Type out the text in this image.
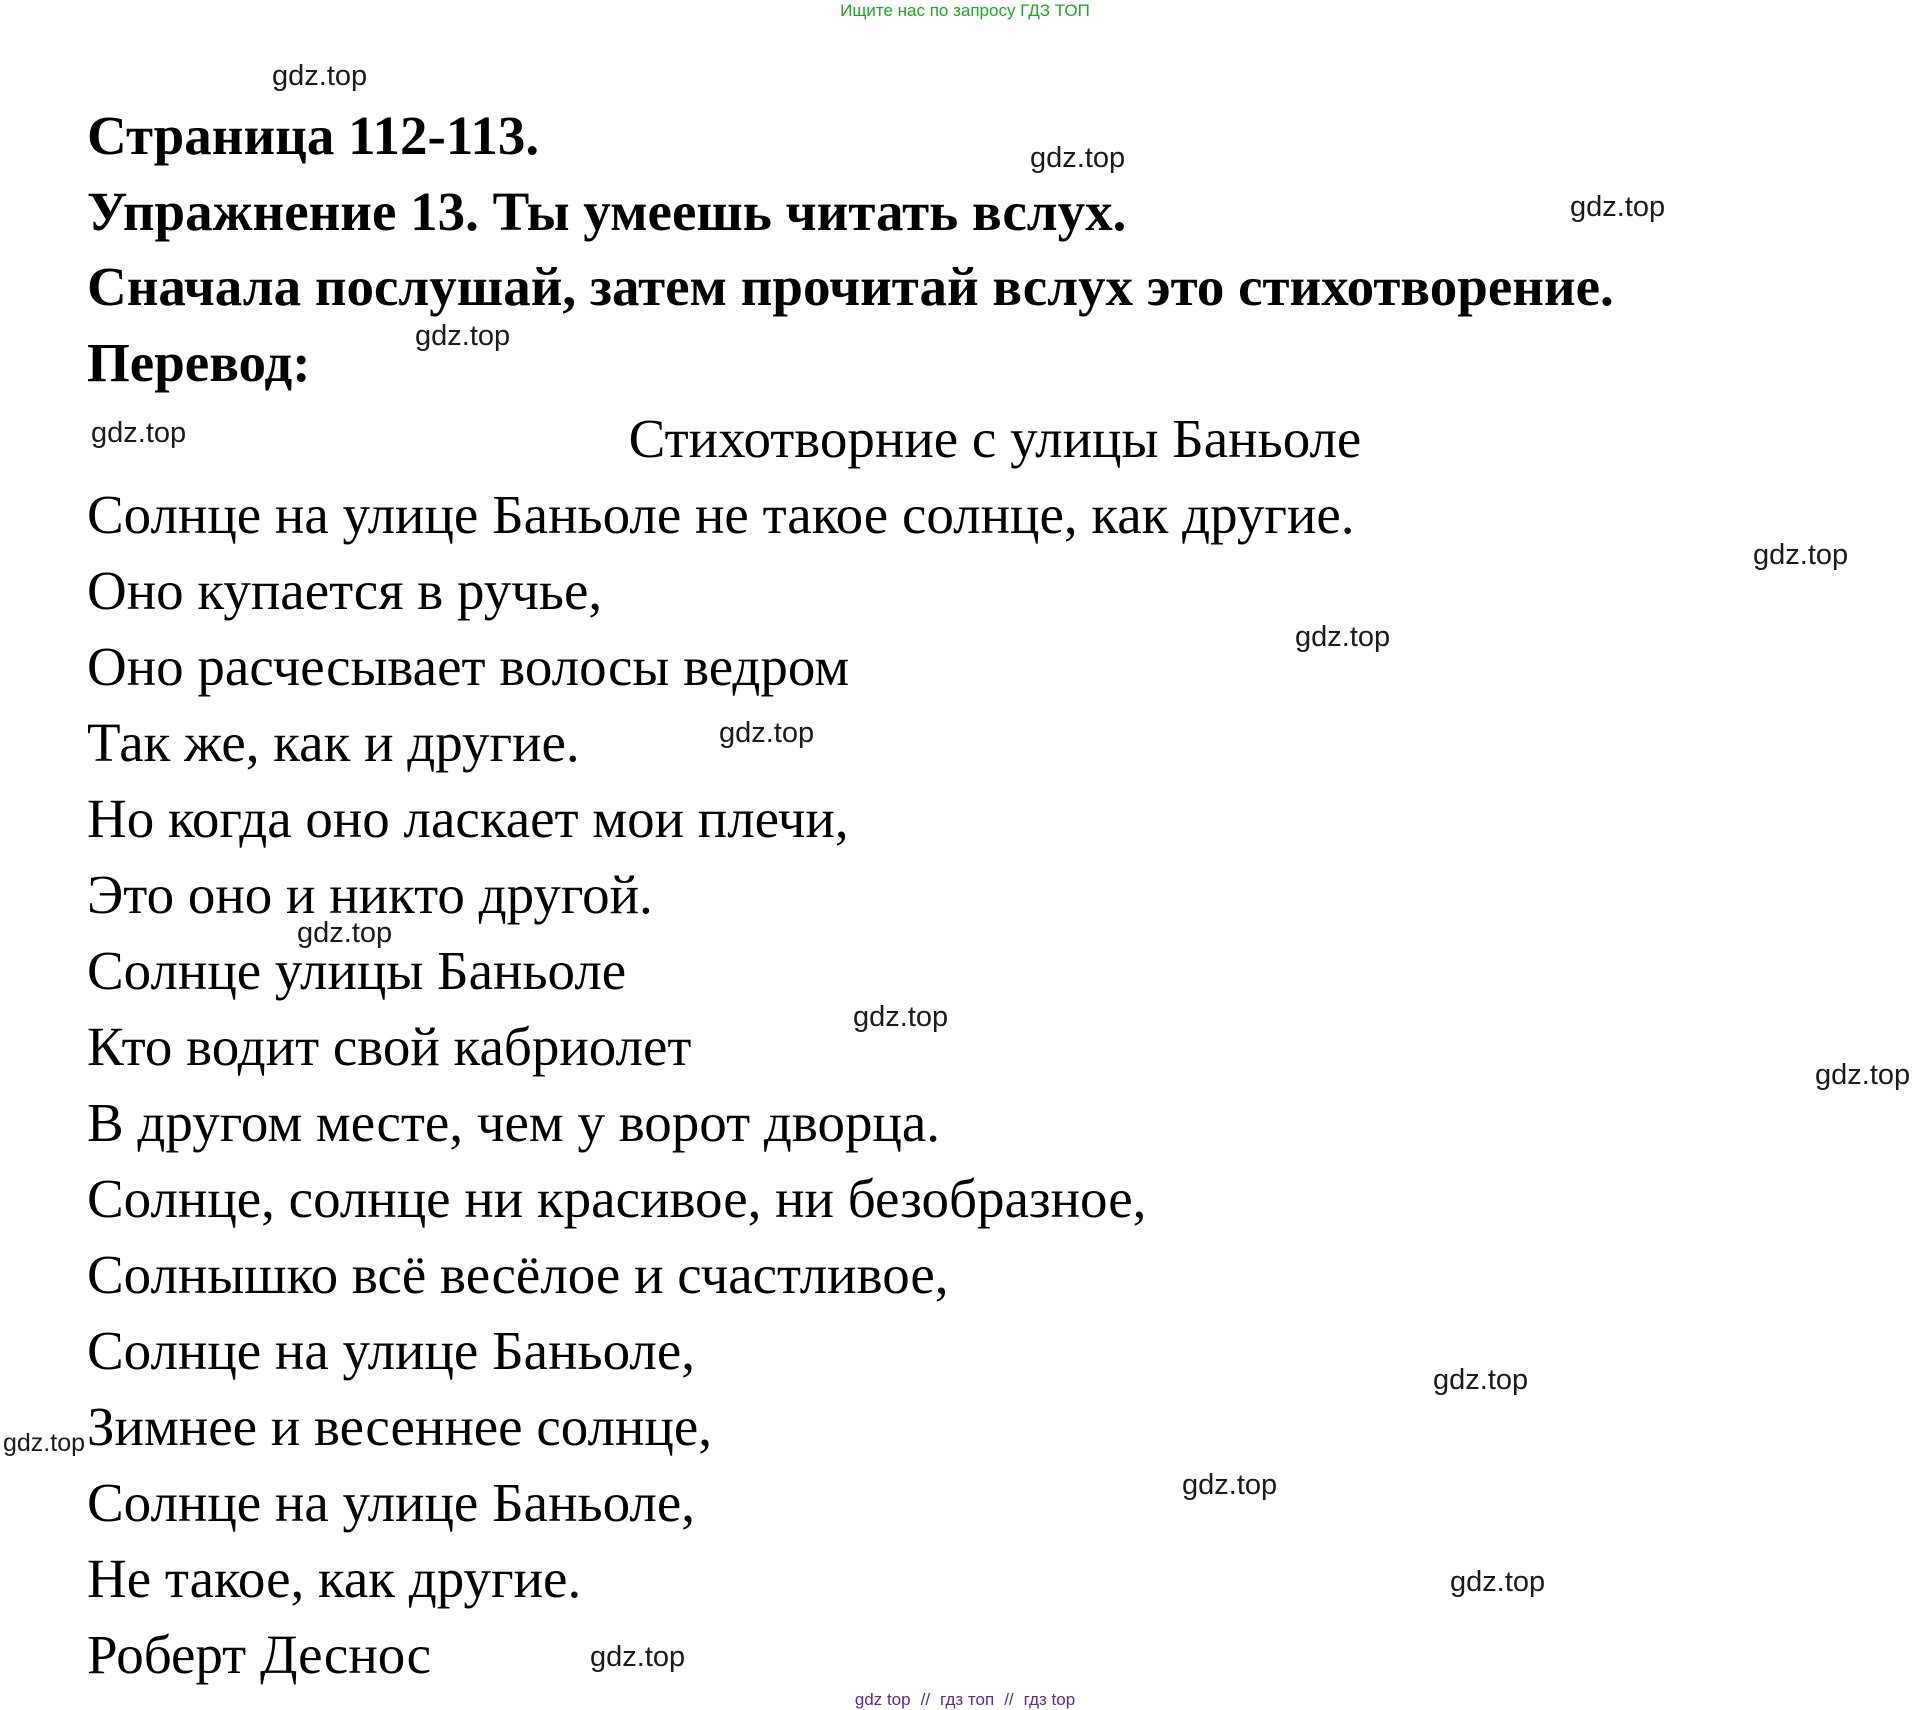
Ищите нас по запросу ГДЗ ТОП
Страница 112-113.
Упражнение 13. Ты умеешь читать вслух.
Сначала послушай, затем прочитай вслух это стихотворение.
Перевод:
Стихотворние с улицы Баньоле
Солнце на улице Баньоле не такое солнце, как другие.
Оно купается в ручье,
Оно расчесывает волосы ведром
Так же, как и другие.
Но когда оно ласкает мои плечи,
Это оно и никто другой.
Солнце улицы Баньоле
Кто водит свой кабриолет
В другом месте, чем у ворот дворца.
Солнце, солнце ни красивое, ни безобразное,
Солнышко всё весёлое и счастливое,
Солнце на улице Баньоле,
Зимнее и весеннее солнце,
Солнце на улице Баньоле,
Не такое, как другие.
Роберт Деснос
gdz.top
gdz.top
gdz.top
gdz.top
gdz.top
gdz.top
gdz.top
gdz.top
gdz.top
gdz.top
gdz.top
gdz.top
gdz.top
gdz.top
gdz.top
gdz.top
gdz top // гдз топ // гдз top
